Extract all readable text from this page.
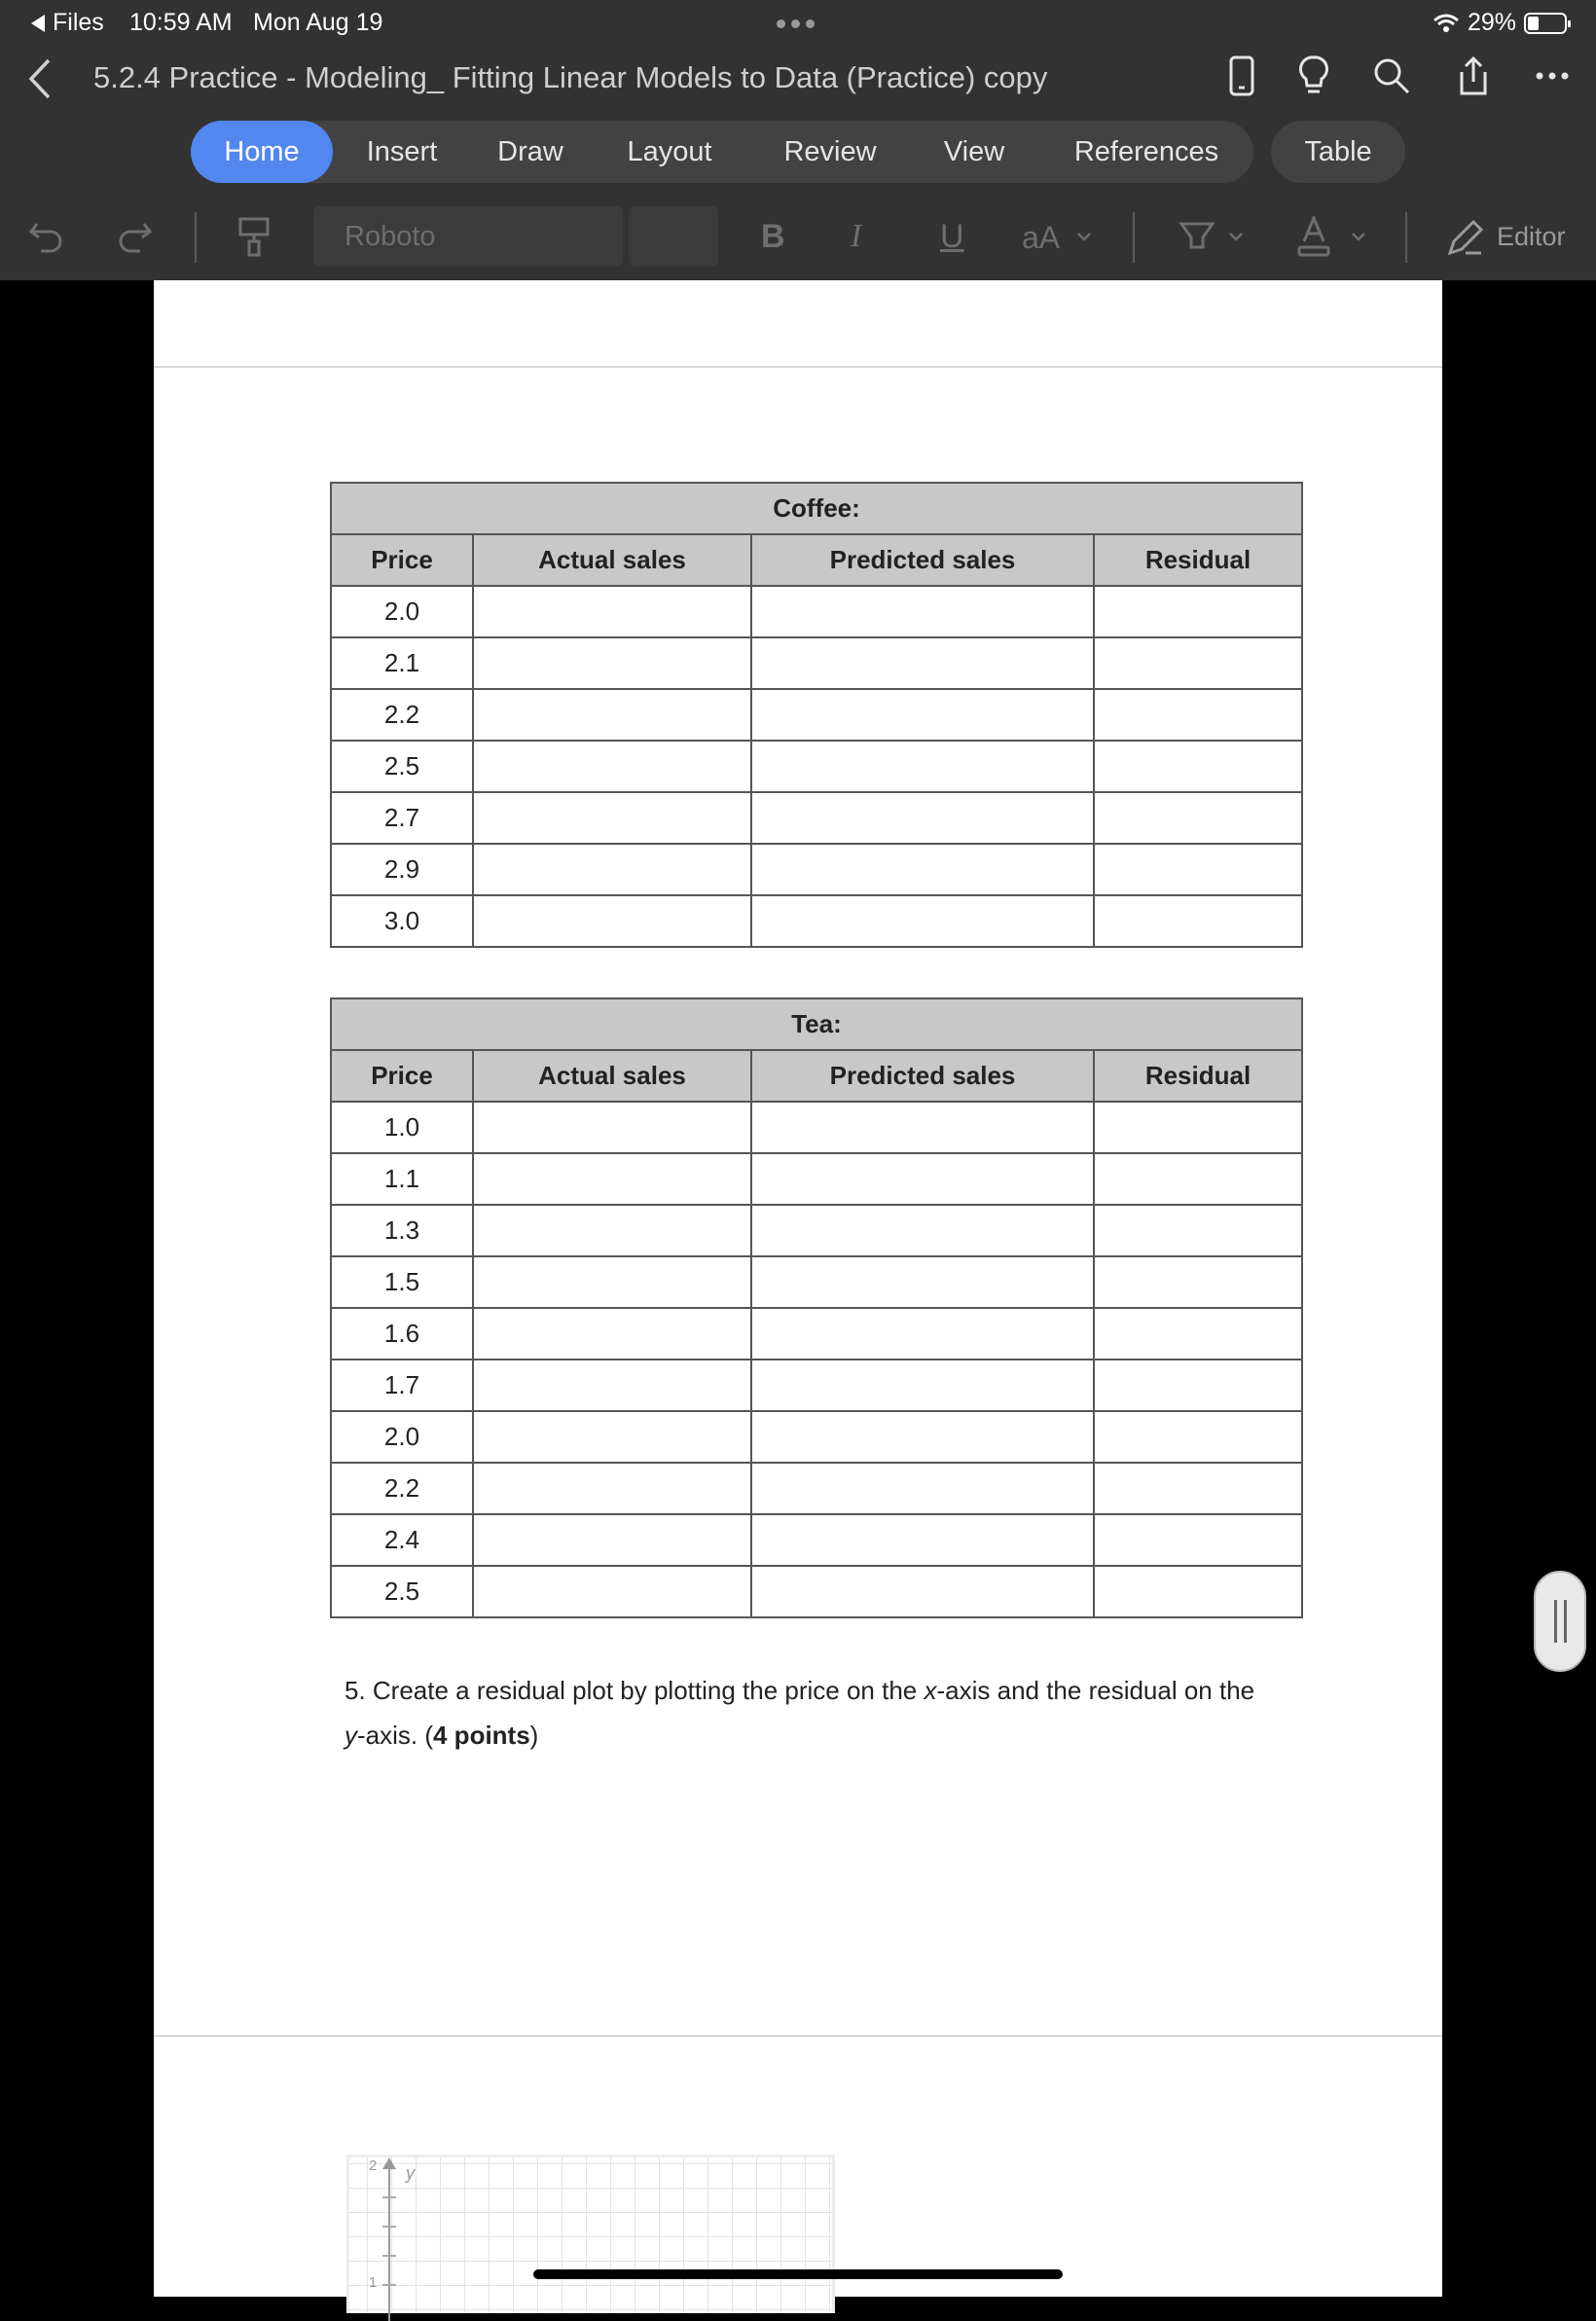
Files 10:59 AM Mon Aug 19	29%
5.2.4 Practice - Modeling_ Fitting Linear Models to Data (Practice) copy
Home	Insert	Draw	Layout	Review	View	References	Table
Roboto	B I U aA	Editor
Coffee:			
Price	Actual sales	Predicted sales	Residual
2.0			
2.1			
2.2			
2.5			
2.7			
2.9			
3.0			
Tea:			
Price	Actual sales	Predicted sales	Residual
1.0			
1.1			
1.3			
1.5			
1.6			
1.7			
2.0			
2.2			
2.4			
2.5			
5. Create a residual plot by plotting the price on the x-axis and the residual on the y-axis. (4 points)
y
2
1
